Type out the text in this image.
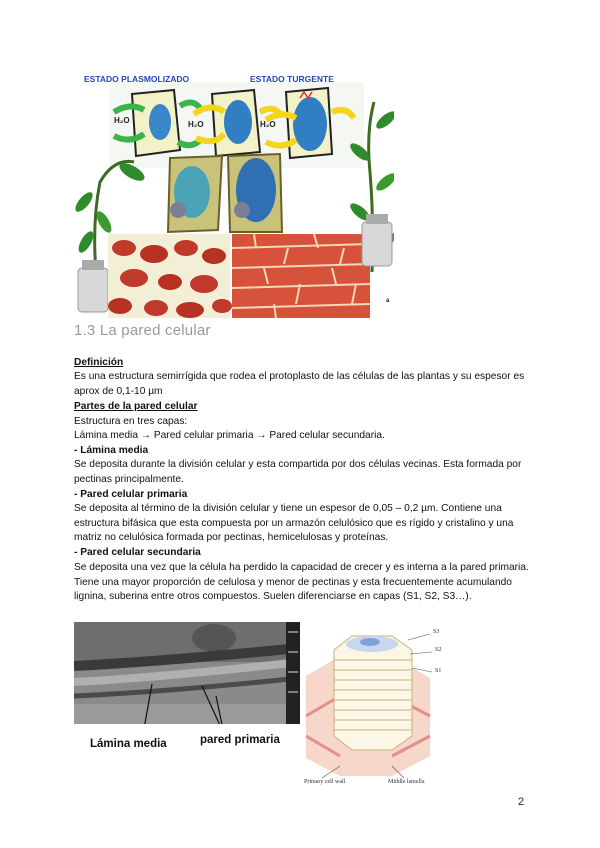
ESTADO PLASMOLIZADO	ESTADO TURGENTE
H₂O	H₂O	H₂O
a
1.3 La pared celular
Definición
Es una estructura semirrígida que rodea el protoplasto de las células de las plantas y su espesor es aprox de 0,1-10 µm
Partes de la pared celular
Estructura en tres capas:
Lámina media → Pared celular primaria → Pared celular secundaria.
- Lámina media
Se deposita durante la división celular y esta compartida por dos células vecinas. Esta formada por pectinas principalmente.
- Pared celular primaria
Se deposita al término de la división celular y tiene un espesor de 0,05 – 0,2 µm. Contiene una estructura bifásica que esta compuesta por un armazón celulósico que es rígido y cristalino y una matriz no celulósica formada por pectinas, hemicelulosas y proteínas.
- Pared celular secundaria
Se deposita una vez que la célula ha perdido la capacidad de crecer y es interna a la pared primaria. Tiene una mayor proporción de celulosa y menor de pectinas y esta frecuentemente acumulando lignina, suberina entre otros compuestos. Suelen diferenciarse en capas (S1, S2, S3…).
Lámina media	pared primaria
S3
S2
S1
Primary cell wall	Middle lamella
2
